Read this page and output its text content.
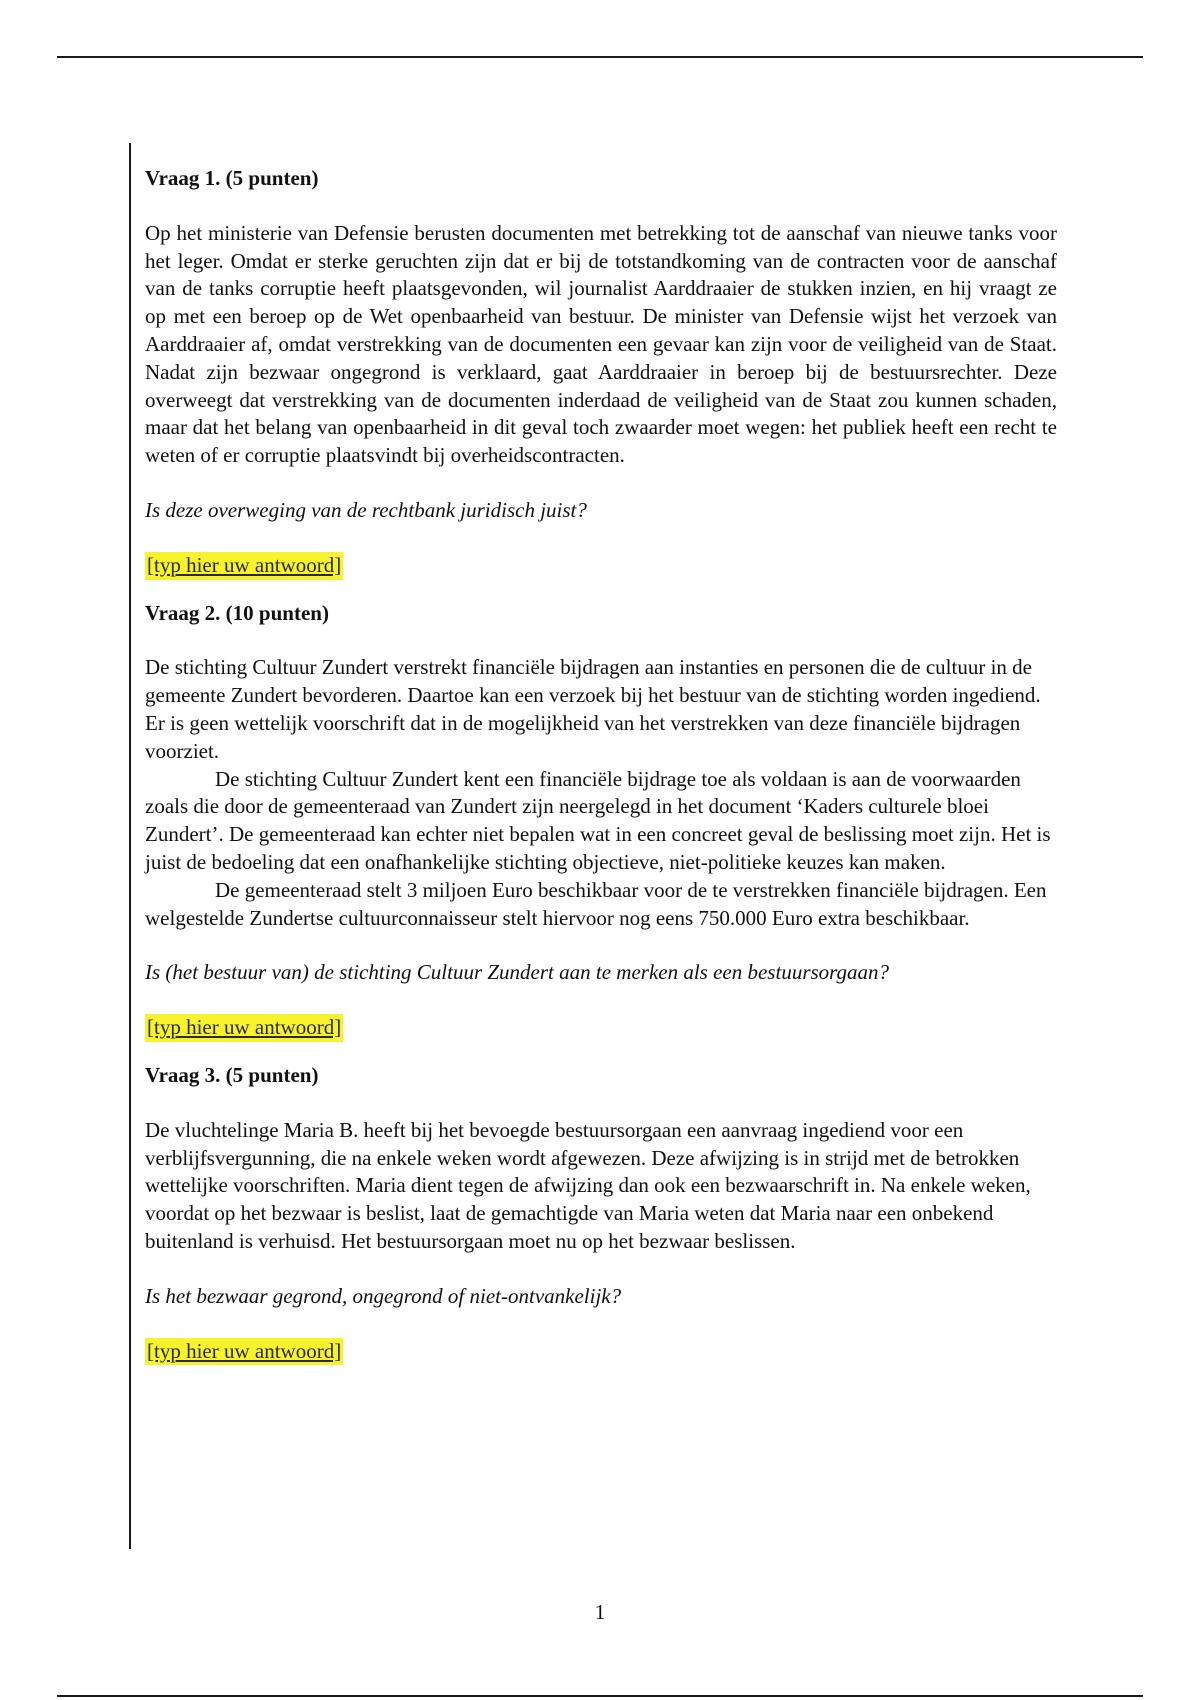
Vraag 1. (5 punten)

Op het ministerie van Defensie berusten documenten met betrekking tot de aanschaf van nieuwe tanks voor het leger. Omdat er sterke geruchten zijn dat er bij de totstandkoming van de contracten voor de aanschaf van de tanks corruptie heeft plaatsgevonden, wil journalist Aarddraaier de stukken inzien, en hij vraagt ze op met een beroep op de Wet openbaarheid van bestuur. De minister van Defensie wijst het verzoek van Aarddraaier af, omdat verstrekking van de documenten een gevaar kan zijn voor de veiligheid van de Staat. Nadat zijn bezwaar ongegrond is verklaard, gaat Aarddraaier in beroep bij de bestuursrechter. Deze overweegt dat verstrekking van de documenten inderdaad de veiligheid van de Staat zou kunnen schaden, maar dat het belang van openbaarheid in dit geval toch zwaarder moet wegen: het publiek heeft een recht te weten of er corruptie plaatsvindt bij overheidscontracten.

Is deze overweging van de rechtbank juridisch juist?

[typ hier uw antwoord]

Vraag 2. (10 punten)

De stichting Cultuur Zundert verstrekt financiële bijdragen aan instanties en personen die de cultuur in de gemeente Zundert bevorderen. Daartoe kan een verzoek bij het bestuur van de stichting worden ingediend. Er is geen wettelijk voorschrift dat in de mogelijkheid van het verstrekken van deze financiële bijdragen voorziet.

De stichting Cultuur Zundert kent een financiële bijdrage toe als voldaan is aan de voorwaarden zoals die door de gemeenteraad van Zundert zijn neergelegd in het document ‘Kaders culturele bloei Zundert’. De gemeenteraad kan echter niet bepalen wat in een concreet geval de beslissing moet zijn. Het is juist de bedoeling dat een onafhankelijke stichting objectieve, niet-politieke keuzes kan maken.

De gemeenteraad stelt 3 miljoen Euro beschikbaar voor de te verstrekken financiële bijdragen. Een welgestelde Zundertse cultuurconnaisseur stelt hiervoor nog eens 750.000 Euro extra beschikbaar.

Is (het bestuur van) de stichting Cultuur Zundert aan te merken als een bestuursorgaan?

[typ hier uw antwoord]

Vraag 3. (5 punten)

De vluchtelinge Maria B. heeft bij het bevoegde bestuursorgaan een aanvraag ingediend voor een verblijfsvergunning, die na enkele weken wordt afgewezen. Deze afwijzing is in strijd met de betrokken wettelijke voorschriften. Maria dient tegen de afwijzing dan ook een bezwaarschrift in. Na enkele weken, voordat op het bezwaar is beslist, laat de gemachtigde van Maria weten dat Maria naar een onbekend buitenland is verhuisd. Het bestuursorgaan moet nu op het bezwaar beslissen.

Is het bezwaar gegrond, ongegrond of niet-ontvankelijk?

[typ hier uw antwoord]

1
